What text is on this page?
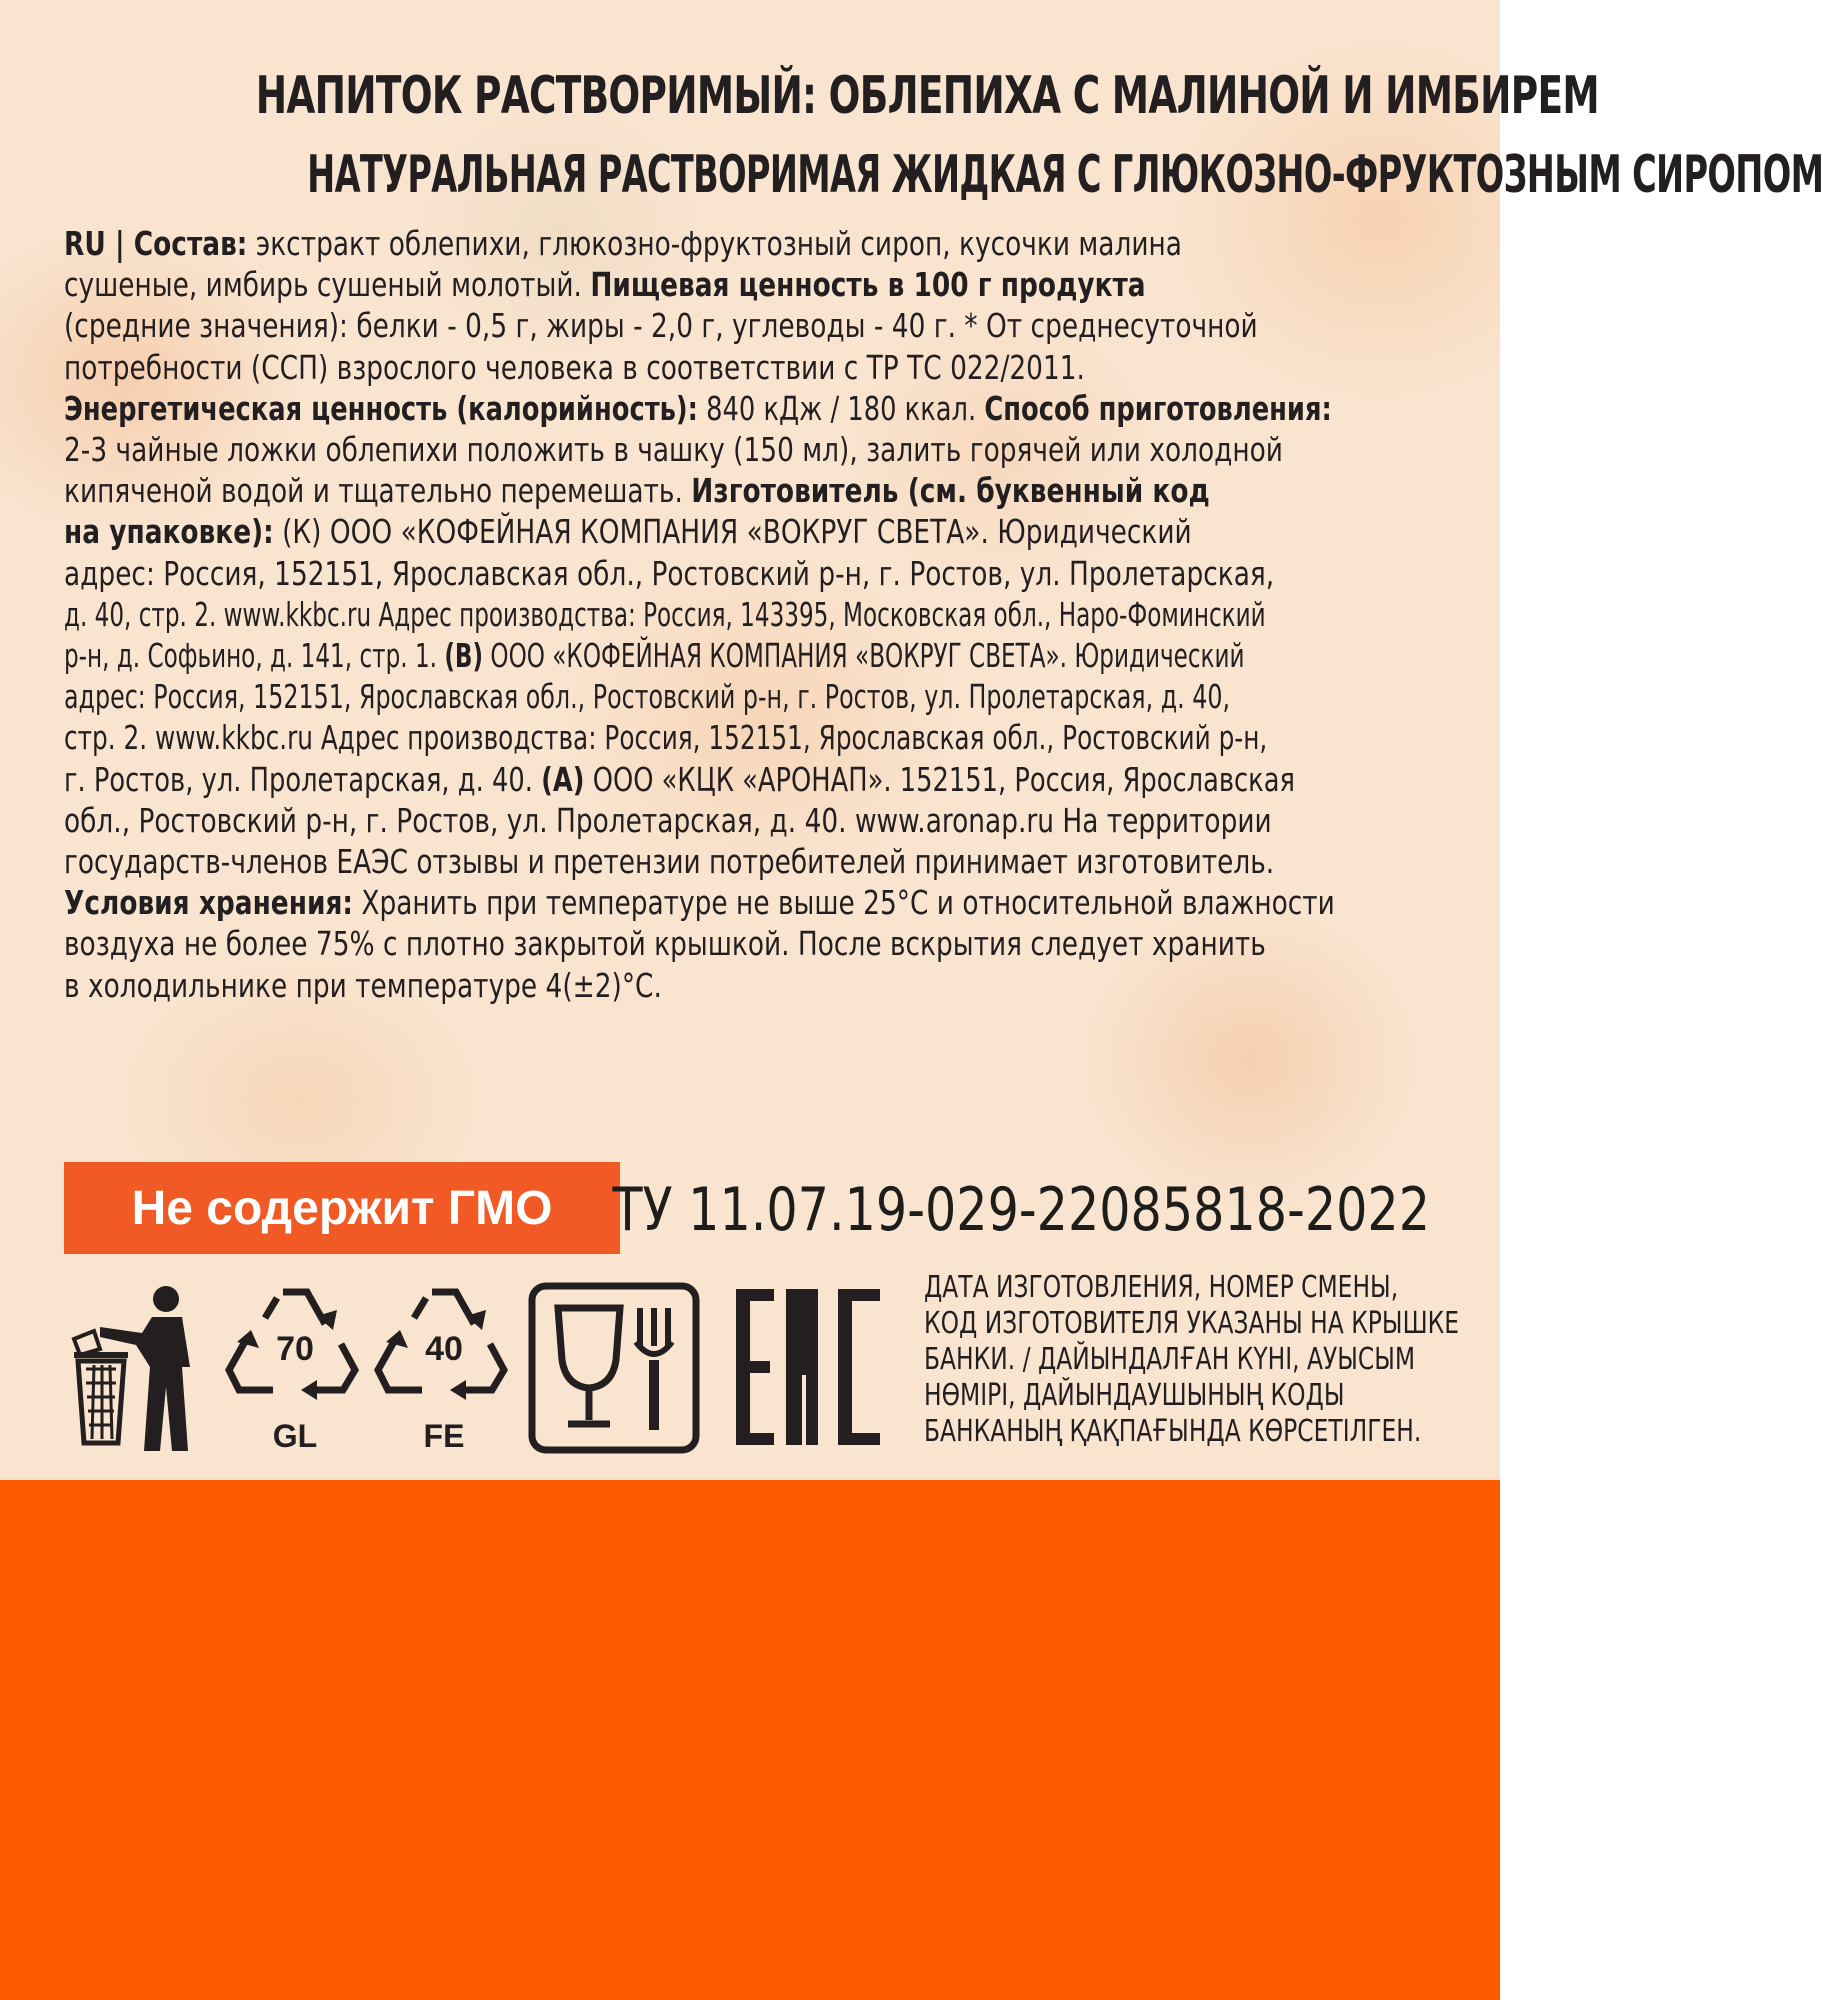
НАПИТОК РАСТВОРИМЫЙ: ОБЛЕПИХА С МАЛИНОЙ И ИМБИРЕМ
НАТУРАЛЬНАЯ РАСТВОРИМАЯ ЖИДКАЯ С ГЛЮКОЗНО-ФРУКТОЗНЫМ СИРОПОМ
RU | Состав: экстракт облепихи, глюкозно-фруктозный сироп, кусочки малина
сушеные, имбирь сушеный молотый. Пищевая ценность в 100 г продукта
(средние значения): белки - 0,5 г, жиры - 2,0 г, углеводы - 40 г. * От среднесуточной
потребности (ССП) взрослого человека в соответствии с ТР ТС 022/2011.
Энергетическая ценность (калорийность): 840 кДж / 180 ккал. Способ приготовления:
2-3 чайные ложки облепихи положить в чашку (150 мл), залить горячей или холодной
кипяченой водой и тщательно перемешать. Изготовитель (см. буквенный код
на упаковке): (К) ООО «КОФЕЙНАЯ КОМПАНИЯ «ВОКРУГ СВЕТА». Юридический
адрес: Россия, 152151, Ярославская обл., Ростовский р-н, г. Ростов, ул. Пролетарская,
д. 40, стр. 2. www.kkbc.ru Адрес производства: Россия, 143395, Московская обл., Наро-Фоминский
р-н, д. Софьино, д. 141, стр. 1. (В) ООО «КОФЕЙНАЯ КОМПАНИЯ «ВОКРУГ СВЕТА». Юридический
адрес: Россия, 152151, Ярославская обл., Ростовский р-н, г. Ростов, ул. Пролетарская, д. 40,
стр. 2. www.kkbc.ru Адрес производства: Россия, 152151, Ярославская обл., Ростовский р-н,
г. Ростов, ул. Пролетарская, д. 40. (А) ООО «КЦК «АРОНАП». 152151, Россия, Ярославская
обл., Ростовский р-н, г. Ростов, ул. Пролетарская, д. 40. www.aronap.ru На территории
государств-членов ЕАЭС отзывы и претензии потребителей принимает изготовитель.
Условия хранения: Хранить при температуре не выше 25°С и относительной влажности
воздуха не более 75% с плотно закрытой крышкой. После вскрытия следует хранить
в холодильнике при температуре 4(±2)°С.
Не содержит ГМО	ТУ 11.07.19-029-22085818-2022
70
GL
40
FE
ДАТА ИЗГОТОВЛЕНИЯ, НОМЕР СМЕНЫ,
КОД ИЗГОТОВИТЕЛЯ УКАЗАНЫ НА КРЫШКЕ
БАНКИ. / ДАЙЫНДАЛҒАН КҮНІ, АУЫСЫМ
НӨМІРІ, ДАЙЫНДАУШЫНЫҢ КОДЫ
БАНКАНЫҢ ҚАҚПАҒЫНДА КӨРСЕТІЛГЕН.
